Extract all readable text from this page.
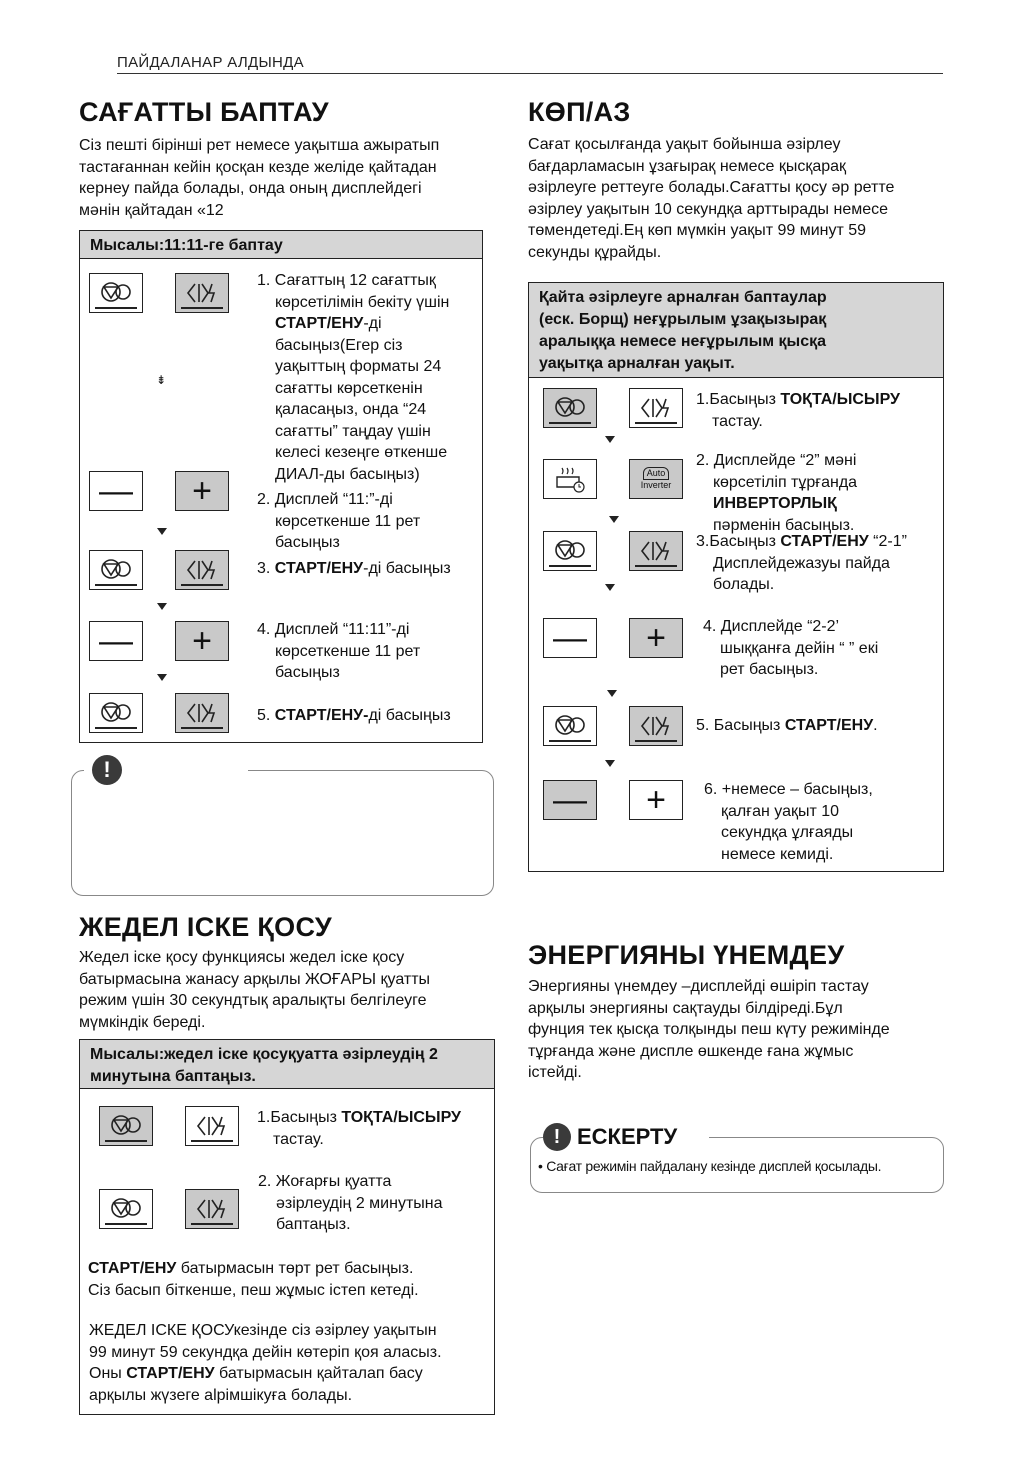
ПАЙДАЛАНАР АЛДЫНДА
САҒАТТЫ БАПТАУ
Сіз пешті бірінші рет немесе уақытша ажыратып
тастағаннан кейін қосқан кезде желіде қайтадан
кернеу пайда болады, онда оның дисплейдегі
мәнін қайтадан «12
Мысалы:11:11-ге баптау
⇟
—	+
—	+
1. Сағаттың 12 сағаттық
көрсетілімін бекіту үшін
СТАРТ/ЕНУ-ді
басыңыз(Егер сіз
уақыттың форматы 24
сағатты көрсеткенін
қаласаңыз, онда “24
сағатты” таңдау үшін
келесі кезеңге өткенше
ДИАЛ-ды басыңыз)
2. Дисплей “11:”-ді
көрсеткенше 11 рет
басыңыз
3. СТАРТ/ЕНУ-ді басыңыз
4. Дисплей “11:11”-ді
көрсеткенше 11 рет
басыңыз
5. СТАРТ/ЕНУ-ді басыңыз
!
ЖЕДЕЛ ІСКЕ ҚОСУ
Жедел іске қосу функциясы жедел іске қосу
батырмасына жанасу арқылы ЖОҒАРЫ қуатты
режим үшін 30 секундтық аралықты белгілеуге
мүмкіндік береді.
Мысалы:жедел іске қосуқуатта әзірлеудің 2
минутына баптаңыз.
1.Басыңыз ТОҚТА/ЫСЫРУ
тастау.
2. Жоғарғы қуатта
әзірлеудің 2 минутына
баптаңыз.
СТАРТ/ЕНУ батырмасын төрт рет басыңыз.
Сіз басып біткенше, пеш жұмыс істеп кетеді.
ЖЕДЕЛ ІСКЕ ҚОСУкезінде сіз әзірлеу уақытын
99 минут 59 секундқа дейін көтеріп қоя аласыз.
Оны СТАРТ/ЕНУ батырмасын қайталап басу
арқылы жүзеге аlрімшікуға болады.
КӨП/АЗ
Сағат қосылғанда уақыт бойынша әзірлеу
бағдарламасын ұзағырақ немесе қысқарақ
әзірлеуге реттеуге болады.Сағатты қосу әр ретте
әзірлеу уақытын 10 секундқа арттырады немесе
төмендетеді.Ең көп мүмкін уақыт 99 минут 59
секунды құрайды.
Қайта әзірлеуге арналған баптаулар
(еск. Борщ) неғұрылым ұзақызырақ
аралыққа немесе неғұрылым қысқа
уақытқа арналған уақыт.
Auto
Inverter
—	+
—	+
1.Басыңыз ТОҚТА/ЫСЫРУ
тастау.
2. Дисплейде “2” мәні
көрсетіліп тұрғанда
ИНВЕРТОРЛЫҚ
пәрменін басыңыз.
3.Басыңыз СТАРТ/ЕНУ “2-1”
Дисплейдежазуы пайда
болады.
4. Дисплейде “2-2’
шыққанға дейін “ ” екі
рет басыңыз.
5. Басыңыз СТАРТ/ЕНУ.
6. +немесе – басыңыз,
қалған уақыт 10
секундқа ұлғаяды
немесе кемиді.
ЭНЕРГИЯНЫ ҮНЕМДЕУ
Энергияны үнемдеу –дисплейді өшіріп тастау
арқылы энергияны сақтауды білдіреді.Бұл
фунция тек қысқа толқынды пеш күту режимінде
тұрғанда және диспле өшкенде ғана жұмыс
істейді.
! ЕСКЕРТУ
• Сағат режимін пайдалану кезінде дисплей қосылады.
